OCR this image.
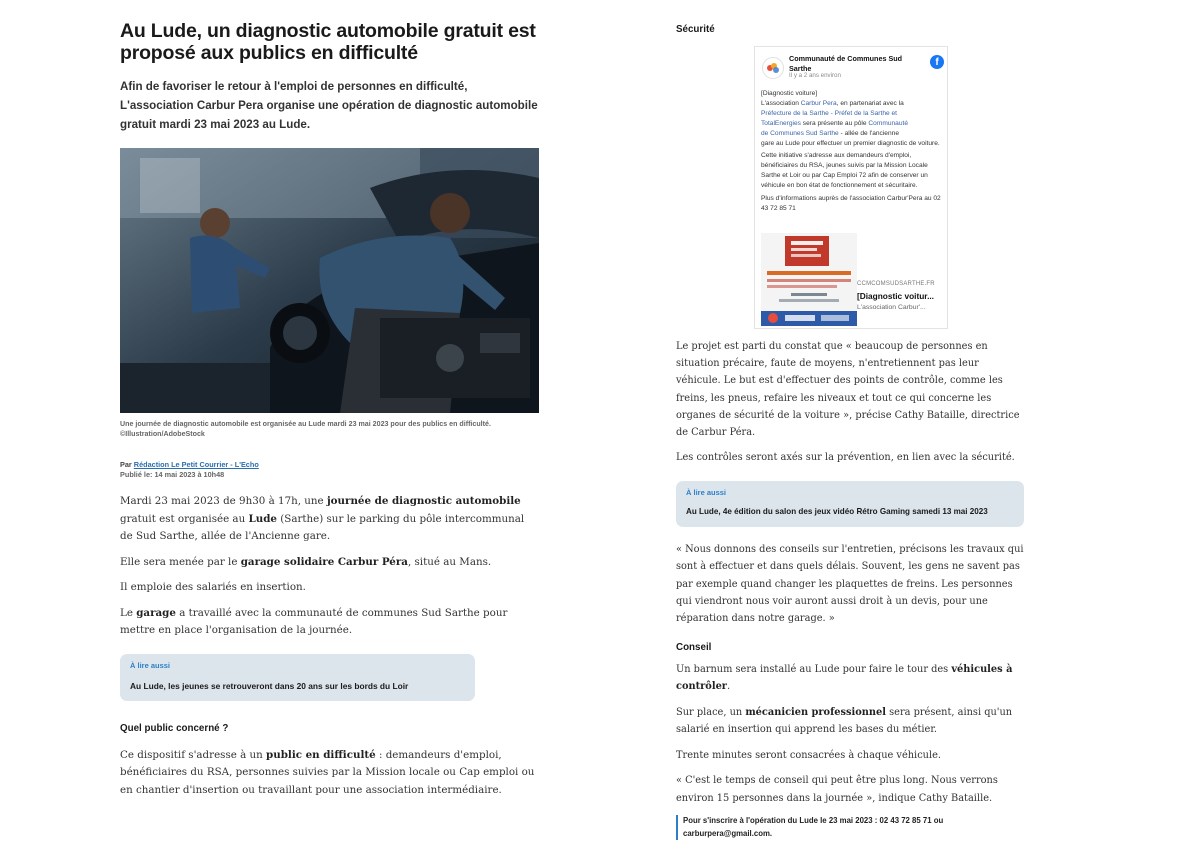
Au Lude, un diagnostic automobile gratuit est proposé aux publics en difficulté

Afin de favoriser le retour à l'emploi de personnes en difficulté, L'association Carbur Pera organise une opération de diagnostic automobile gratuit mardi 23 mai 2023 au Lude.

Une journée de diagnostic automobile est organisée au Lude mardi 23 mai 2023 pour des publics en difficulté. ©Illustration/AdobeStock
Par Rédaction Le Petit Courrier - L'Echo
Publié le: 14 mai 2023 à 10h48

Mardi 23 mai 2023 de 9h30 à 17h, une journée de diagnostic automobile gratuit est organisée au Lude (Sarthe) sur le parking du pôle intercommunal de Sud Sarthe, allée de l'Ancienne gare.

Elle sera menée par le garage solidaire Carbur Péra, situé au Mans.

Il emploie des salariés en insertion.

Le garage a travaillé avec la communauté de communes Sud Sarthe pour mettre en place l'organisation de la journée.

À lire aussi
Au Lude, les jeunes se retrouveront dans 20 ans sur les bords du Loir
Quel public concerné ?

Ce dispositif s'adresse à un public en difficulté : demandeurs d'emploi, bénéficiaires du RSA, personnes suivies par la Mission locale ou Cap emploi ou en chantier d'insertion ou travaillant pour une association intermédiaire.

Sécurité
Communauté de Communes Sud Sarthe
Il y a 2 ans environ
f
[Diagnostic voiture]
L'association Carbur Pera, en partenariat avec la
Préfecture de la Sarthe - Préfet de la Sarthe et
TotalEnergies sera présente au pôle Communauté
de Communes Sud Sarthe - allée de l'ancienne
gare au Lude pour effectuer un premier diagnostic de voiture.
Cette initiative s'adresse aux demandeurs d'emploi, bénéficiaires du RSA, jeunes suivis par la Mission Locale Sarthe et Loir ou par Cap Emploi 72 afin de conserver un véhicule en bon état de fonctionnement et sécuritaire.
Plus d'informations auprès de l'association Carbur'Pera au 02 43 72 85 71
CCMCOMSUDSARTHE.FR
[Diagnostic voitur...
L'association Carbur'...

Le projet est parti du constat que « beaucoup de personnes en situation précaire, faute de moyens, n'entretiennent pas leur véhicule. Le but est d'effectuer des points de contrôle, comme les freins, les pneus, refaire les niveaux et tout ce qui concerne les organes de sécurité de la voiture », précise Cathy Bataille, directrice de Carbur Péra.

Les contrôles seront axés sur la prévention, en lien avec la sécurité.

À lire aussi
Au Lude, 4e édition du salon des jeux vidéo Rétro Gaming samedi 13 mai 2023

« Nous donnons des conseils sur l'entretien, précisons les travaux qui sont à effectuer et dans quels délais. Souvent, les gens ne savent pas par exemple quand changer les plaquettes de freins. Les personnes qui viendront nous voir auront aussi droit à un devis, pour une réparation dans notre garage. »

Conseil

Un barnum sera installé au Lude pour faire le tour des véhicules à contrôler.

Sur place, un mécanicien professionnel sera présent, ainsi qu'un salarié en insertion qui apprend les bases du métier.

Trente minutes seront consacrées à chaque véhicule.

« C'est le temps de conseil qui peut être plus long. Nous verrons environ 15 personnes dans la journée », indique Cathy Bataille.

Pour s'inscrire à l'opération du Lude le 23 mai 2023 : 02 43 72 85 71 ou carburpera@gmail.com.
